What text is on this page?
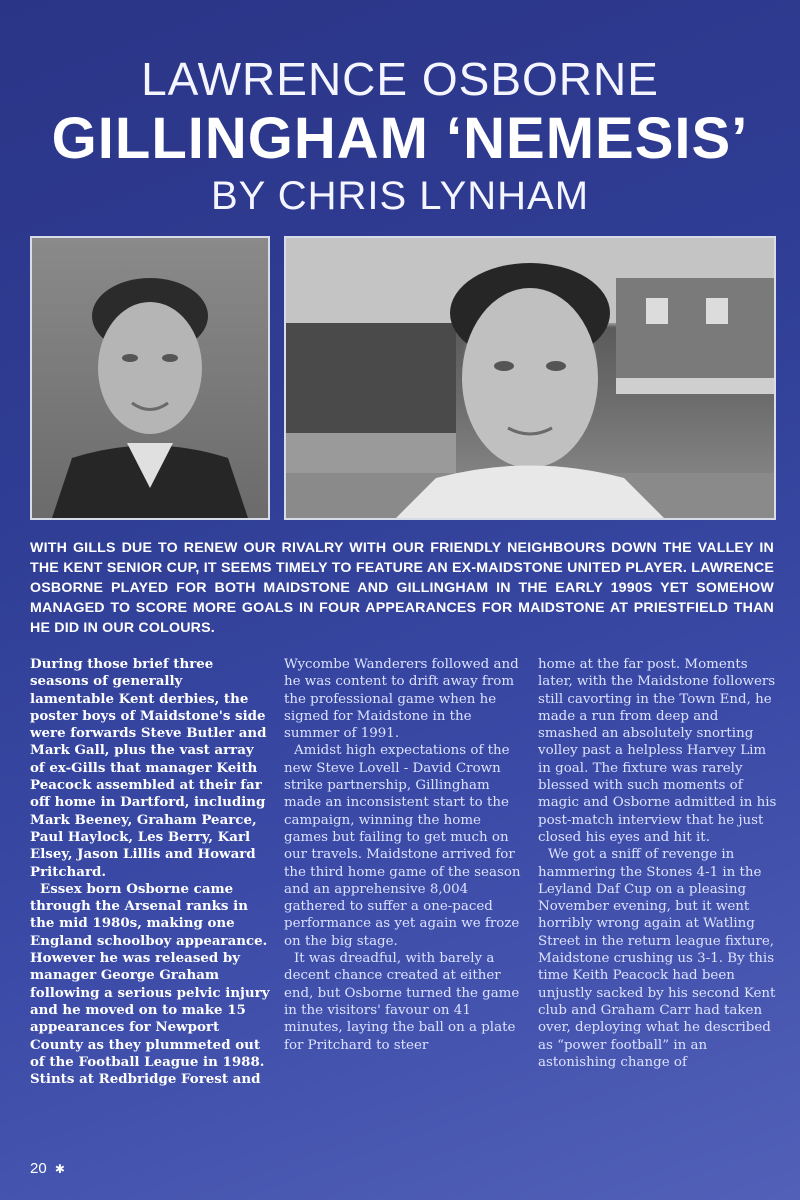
LAWRENCE OSBORNE
GILLINGHAM ‘NEMESIS’
BY CHRIS LYNHAM
WITH GILLS DUE TO RENEW OUR RIVALRY WITH OUR FRIENDLY NEIGHBOURS DOWN THE VALLEY IN THE KENT SENIOR CUP, IT SEEMS TIMELY TO FEATURE AN EX-MAIDSTONE UNITED PLAYER. LAWRENCE OSBORNE PLAYED FOR BOTH MAIDSTONE AND GILLINGHAM IN THE EARLY 1990S YET SOMEHOW MANAGED TO SCORE MORE GOALS IN FOUR APPEARANCES FOR MAIDSTONE AT PRIESTFIELD THAN HE DID IN OUR COLOURS.

During those brief three seasons of generally lamentable Kent derbies, the poster boys of Maidstone's side were forwards Steve Butler and Mark Gall, plus the vast array of ex-Gills that manager Keith Peacock assembled at their far off home in Dartford, including Mark Beeney, Graham Pearce, Paul Haylock, Les Berry, Karl Elsey, Jason Lillis and Howard Pritchard.

Essex born Osborne came through the Arsenal ranks in the mid 1980s, making one England schoolboy appearance. However he was released by manager George Graham following a serious pelvic injury and he moved on to make 15 appearances for Newport County as they plummeted out of the Football League in 1988. Stints at Redbridge Forest and

Wycombe Wanderers followed and he was content to drift away from the professional game when he signed for Maidstone in the summer of 1991.

Amidst high expectations of the new Steve Lovell - David Crown strike partnership, Gillingham made an inconsistent start to the campaign, winning the home games but failing to get much on our travels. Maidstone arrived for the third home game of the season and an apprehensive 8,004 gathered to suffer a one-paced performance as yet again we froze on the big stage.

It was dreadful, with barely a decent chance created at either end, but Osborne turned the game in the visitors' favour on 41 minutes, laying the ball on a plate for Pritchard to steer

home at the far post. Moments later, with the Maidstone followers still cavorting in the Town End, he made a run from deep and smashed an absolutely snorting volley past a helpless Harvey Lim in goal. The fixture was rarely blessed with such moments of magic and Osborne admitted in his post-match interview that he just closed his eyes and hit it.

We got a sniff of revenge in hammering the Stones 4-1 in the Leyland Daf Cup on a pleasing November evening, but it went horribly wrong again at Watling Street in the return league fixture, Maidstone crushing us 3-1. By this time Keith Peacock had been unjustly sacked by his second Kent club and Graham Carr had taken over, deploying what he described as “power football” in an astonishing change of

20 ✱
